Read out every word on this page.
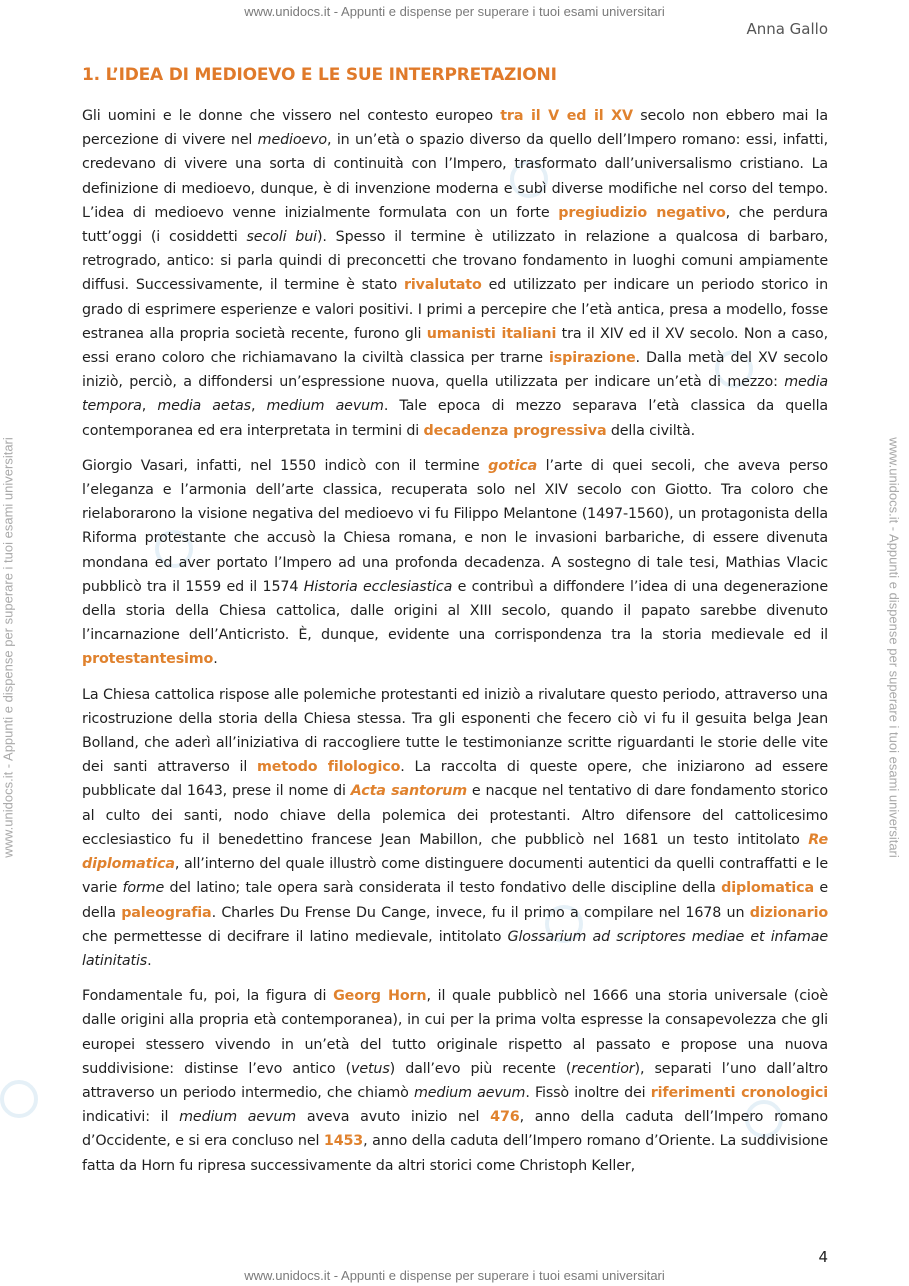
www.unidocs.it - Appunti e dispense per superare i tuoi esami universitari
www.unidocs.it - Appunti e dispense per superare i tuoi esami universitari	www.unidocs.it - Appunti e dispense per superare i tuoi esami universitari
Anna Gallo
1. L’IDEA DI MEDIOEVO E LE SUE INTERPRETAZIONI

Gli uomini e le donne che vissero nel contesto europeo tra il V ed il XV secolo non ebbero mai la percezione di vivere nel medioevo, in un’età o spazio diverso da quello dell’Impero romano: essi, infatti, credevano di vivere una sorta di continuità con l’Impero, trasformato dall’universalismo cristiano. La definizione di medioevo, dunque, è di invenzione moderna e subì diverse modifiche nel corso del tempo. L’idea di medioevo venne inizialmente formulata con un forte pregiudizio negativo, che perdura tutt’oggi (i cosiddetti secoli bui). Spesso il termine è utilizzato in relazione a qualcosa di barbaro, retrogrado, antico: si parla quindi di preconcetti che trovano fondamento in luoghi comuni ampiamente diffusi. Successivamente, il termine è stato rivalutato ed utilizzato per indicare un periodo storico in grado di esprimere esperienze e valori positivi. I primi a percepire che l’età antica, presa a modello, fosse estranea alla propria società recente, furono gli umanisti italiani tra il XIV ed il XV secolo. Non a caso, essi erano coloro che richiamavano la civiltà classica per trarne ispirazione. Dalla metà del XV secolo iniziò, perciò, a diffondersi un’espressione nuova, quella utilizzata per indicare un’età di mezzo: media tempora, media aetas, medium aevum. Tale epoca di mezzo separava l’età classica da quella contemporanea ed era interpretata in termini di decadenza progressiva della civiltà.

Giorgio Vasari, infatti, nel 1550 indicò con il termine gotica l’arte di quei secoli, che aveva perso l’eleganza e l’armonia dell’arte classica, recuperata solo nel XIV secolo con Giotto. Tra coloro che rielaborarono la visione negativa del medioevo vi fu Filippo Melantone (1497-1560), un protagonista della Riforma protestante che accusò la Chiesa romana, e non le invasioni barbariche, di essere divenuta mondana ed aver portato l’Impero ad una profonda decadenza. A sostegno di tale tesi, Mathias Vlacic pubblicò tra il 1559 ed il 1574 Historia ecclesiastica e contribuì a diffondere l’idea di una degenerazione della storia della Chiesa cattolica, dalle origini al XIII secolo, quando il papato sarebbe divenuto l’incarnazione dell’Anticristo. È, dunque, evidente una corrispondenza tra la storia medievale ed il protestantesimo.

La Chiesa cattolica rispose alle polemiche protestanti ed iniziò a rivalutare questo periodo, attraverso una ricostruzione della storia della Chiesa stessa. Tra gli esponenti che fecero ciò vi fu il gesuita belga Jean Bolland, che aderì all’iniziativa di raccogliere tutte le testimonianze scritte riguardanti le storie delle vite dei santi attraverso il metodo filologico. La raccolta di queste opere, che iniziarono ad essere pubblicate dal 1643, prese il nome di Acta santorum e nacque nel tentativo di dare fondamento storico al culto dei santi, nodo chiave della polemica dei protestanti. Altro difensore del cattolicesimo ecclesiastico fu il benedettino francese Jean Mabillon, che pubblicò nel 1681 un testo intitolato Re diplomatica, all’interno del quale illustrò come distinguere documenti autentici da quelli contraffatti e le varie forme del latino; tale opera sarà considerata il testo fondativo delle discipline della diplomatica e della paleografia. Charles Du Frense Du Cange, invece, fu il primo a compilare nel 1678 un dizionario che permettesse di decifrare il latino medievale, intitolato Glossarium ad scriptores mediae et infamae latinitatis.

Fondamentale fu, poi, la figura di Georg Horn, il quale pubblicò nel 1666 una storia universale (cioè dalle origini alla propria età contemporanea), in cui per la prima volta espresse la consapevolezza che gli europei stessero vivendo in un’età del tutto originale rispetto al passato e propose una nuova suddivisione: distinse l’evo antico (vetus) dall’evo più recente (recentior), separati l’uno dall’altro attraverso un periodo intermedio, che chiamò medium aevum. Fissò inoltre dei riferimenti cronologici indicativi: il medium aevum aveva avuto inizio nel 476, anno della caduta dell’Impero romano d’Occidente, e si era concluso nel 1453, anno della caduta dell’Impero romano d’Oriente. La suddivisione fatta da Horn fu ripresa successivamente da altri storici come Christoph Keller,

4
www.unidocs.it - Appunti e dispense per superare i tuoi esami universitari
